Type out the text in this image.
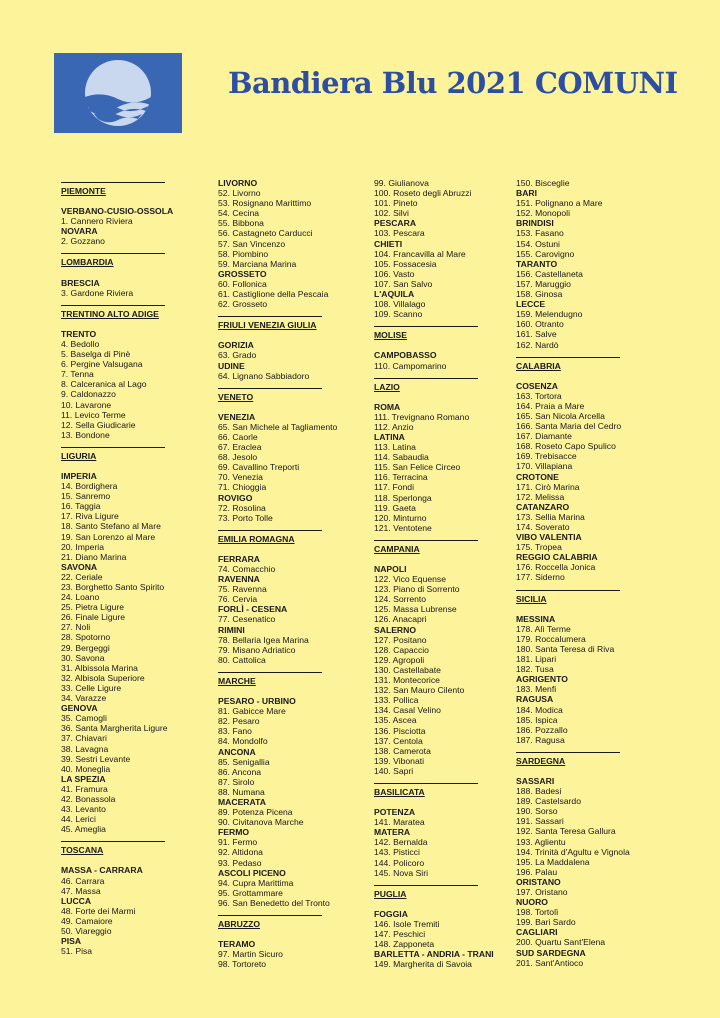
Bandiera Blu 2021 COMUNI
PIEMONTE

VERBANO-CUSIO-OSSOLA
1. Cannero Riviera
NOVARA
2. Gozzano
LOMBARDIA

BRESCIA
3. Gardone Riviera
TRENTINO ALTO ADIGE

TRENTO
4. Bedollo
5. Baselga di Pinè
6. Pergine Valsugana
7. Tenna
8. Calceranica al Lago
9. Caldonazzo
10. Lavarone
11. Levico Terme
12. Sella Giudicarie
13. Bondone
LIGURIA

IMPERIA
14. Bordighera
15. Sanremo
16. Taggia
17. Riva Ligure
18. Santo Stefano al Mare
19. San Lorenzo al Mare
20. Imperia
21. Diano Marina
SAVONA
22. Ceriale
23. Borghetto Santo Spirito
24. Loano
25. Pietra Ligure
26. Finale Ligure
27. Noli
28. Spotorno
29. Bergeggi
30. Savona
31. Albissola Marina
32. Albisola Superiore
33. Celle Ligure
34. Varazze
GENOVA
35. Camogli
36. Santa Margherita Ligure
37. Chiavari
38. Lavagna
39. Sestri Levante
40. Moneglia
LA SPEZIA
41. Framura
42. Bonassola
43. Levanto
44. Lerici
45. Ameglia
TOSCANA

MASSA - CARRARA
46. Carrara
47. Massa
LUCCA
48. Forte dei Marmi
49. Camaiore
50. Viareggio
PISA
51. Pisa
LIVORNO
52. Livorno
53. Rosignano Marittimo
54. Cecina
55. Bibbona
56. Castagneto Carducci
57. San Vincenzo
58. Piombino
59. Marciana Marina
GROSSETO
60. Follonica
61. Castiglione della Pescaia
62. Grosseto
FRIULI VENEZIA GIULIA

GORIZIA
63. Grado
UDINE
64. Lignano Sabbiadoro
VENETO

VENEZIA
65. San Michele al Tagliamento
66. Caorle
67. Eraclea
68. Jesolo
69. Cavallino Treporti
70. Venezia
71. Chioggia
ROVIGO
72. Rosolina
73. Porto Tolle
EMILIA ROMAGNA

FERRARA
74. Comacchio
RAVENNA
75. Ravenna
76. Cervia
FORLÌ - CESENA
77. Cesenatico
RIMINI
78. Bellaria Igea Marina
79. Misano Adriatico
80. Cattolica
MARCHE

PESARO - URBINO
81. Gabicce Mare
82. Pesaro
83. Fano
84. Mondolfo
ANCONA
85. Senigallia
86. Ancona
87. Sirolo
88. Numana
MACERATA
89. Potenza Picena
90. Civitanova Marche
FERMO
91. Fermo
92. Altidona
93. Pedaso
ASCOLI PICENO
94. Cupra Marittima
95. Grottammare
96. San Benedetto del Tronto
ABRUZZO

TERAMO
97. Martin Sicuro
98. Tortoreto
99. Giulianova
100. Roseto degli Abruzzi
101. Pineto
102. Silvi
PESCARA
103. Pescara
CHIETI
104. Francavilla al Mare
105. Fossacesia
106. Vasto
107. San Salvo
L'AQUILA
108. Villalago
109. Scanno
MOLISE

CAMPOBASSO
110. Campomarino
LAZIO

ROMA
111. Trevignano Romano
112. Anzio
LATINA
113. Latina
114. Sabaudia
115. San Felice Circeo
116. Terracina
117. Fondi
118. Sperlonga
119. Gaeta
120. Minturno
121. Ventotene
CAMPANIA

NAPOLI
122. Vico Equense
123. Piano di Sorrento
124. Sorrento
125. Massa Lubrense
126. Anacapri
SALERNO
127. Positano
128. Capaccio
129. Agropoli
130. Castellabate
131. Montecorice
132. San Mauro Cilento
133. Pollica
134. Casal Velino
135. Ascea
136. Pisciotta
137. Centola
138. Camerota
139. Vibonati
140. Sapri
BASILICATA

POTENZA
141. Maratea
MATERA
142. Bernalda
143. Pisticci
144. Policoro
145. Nova Siri
PUGLIA

FOGGIA
146. Isole Tremiti
147. Peschici
148. Zapponeta
BARLETTA - ANDRIA - TRANI
149. Margherita di Savoia
150. Bisceglie
BARI
151. Polignano a Mare
152. Monopoli
BRINDISI
153. Fasano
154. Ostuni
155. Carovigno
TARANTO
156. Castellaneta
157. Maruggio
158. Ginosa
LECCE
159. Melendugno
160. Otranto
161. Salve
162. Nardò
CALABRIA

COSENZA
163. Tortora
164. Praia a Mare
165. San Nicola Arcella
166. Santa Maria del Cedro
167. Diamante
168. Roseto Capo Spulico
169. Trebisacce
170. Villapiana
CROTONE
171. Cirò Marina
172. Melissa
CATANZARO
173. Sellia Marina
174. Soverato
VIBO VALENTIA
175. Tropea
REGGIO CALABRIA
176. Roccella Jonica
177. Siderno
SICILIA

MESSINA
178. Alì Terme
179. Roccalumera
180. Santa Teresa di Riva
181. Lipari
182. Tusa
AGRIGENTO
183. Menfi
RAGUSA
184. Modica
185. Ispica
186. Pozzallo
187. Ragusa
SARDEGNA

SASSARI
188. Badesi
189. Castelsardo
190. Sorso
191. Sassari
192. Santa Teresa Gallura
193. Aglientu
194. Trinità d'Agultu e Vignola
195. La Maddalena
196. Palau
ORISTANO
197. Oristano
NUORO
198. Tortolì
199. Bari Sardo
CAGLIARI
200. Quartu Sant'Elena
SUD SARDEGNA
201. Sant'Antioco
